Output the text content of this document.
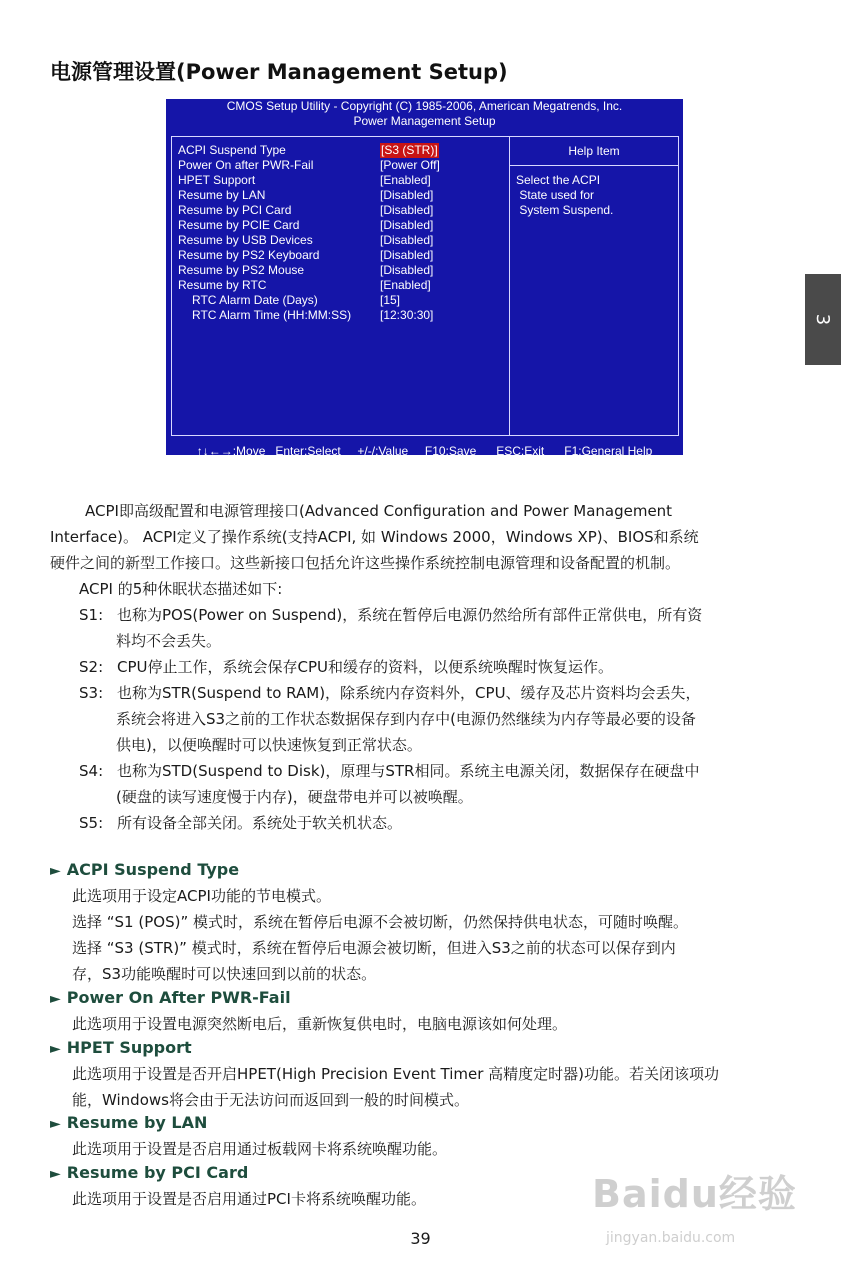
电源管理设置(Power Management Setup)
CMOS Setup Utility - Copyright (C) 1985-2006, American Megatrends, Inc.
Power Management Setup
Help Item
Select the ACPI
State used for
System Suspend.
ACPI Suspend Type	[S3 (STR)]
Power On after PWR-Fail	[Power Off]
HPET Support	[Enabled]
Resume by LAN	[Disabled]
Resume by PCI Card	[Disabled]
Resume by PCIE Card	[Disabled]
Resume by USB Devices	[Disabled]
Resume by PS2 Keyboard	[Disabled]
Resume by PS2 Mouse	[Disabled]
Resume by RTC	[Enabled]
RTC Alarm Date (Days)	[15]
RTC Alarm Time (HH:MM:SS) [12:30:30]
↑↓←→:Move   Enter:Select     +/-/:Value     F10:Save      ESC:Exit      F1:General Help
F9:Optimized Defaults
3
ACPI即高级配置和电源管理接口(Advanced Configuration and Power Management
Interface)。 ACPI定义了操作系统(支持ACPI, 如 Windows 2000，Windows XP)、BIOS和系统
硬件之间的新型工作接口。这些新接口包括允许这些操作系统控制电源管理和设备配置的机制。
ACPI 的5种休眠状态描述如下:
S1: 也称为POS(Power on Suspend)，系统在暂停后电源仍然给所有部件正常供电，所有资
料均不会丢失。
S2: CPU停止工作，系统会保存CPU和缓存的资料，以便系统唤醒时恢复运作。
S3: 也称为STR(Suspend to RAM)，除系统内存资料外，CPU、缓存及芯片资料均会丢失，
系统会将进入S3之前的工作状态数据保存到内存中(电源仍然继续为内存等最必要的设备
供电)，以便唤醒时可以快速恢复到正常状态。
S4: 也称为STD(Suspend to Disk)，原理与STR相同。系统主电源关闭，数据保存在硬盘中
(硬盘的读写速度慢于内存)，硬盘带电并可以被唤醒。
S5: 所有设备全部关闭。系统处于软关机状态。
► ACPI Suspend Type
此选项用于设定ACPI功能的节电模式。
选择 “S1 (POS)” 模式时，系统在暂停后电源不会被切断，仍然保持供电状态，可随时唤醒。
选择 “S3 (STR)” 模式时，系统在暂停后电源会被切断，但进入S3之前的状态可以保存到内
存，S3功能唤醒时可以快速回到以前的状态。
► Power On After PWR-Fail
此选项用于设置电源突然断电后，重新恢复供电时，电脑电源该如何处理。
► HPET Support
此选项用于设置是否开启HPET(High Precision Event Timer 高精度定时器)功能。若关闭该项功
能，Windows将会由于无法访问而返回到一般的时间模式。
► Resume by LAN
此选项用于设置是否启用通过板载网卡将系统唤醒功能。
► Resume by PCI Card
此选项用于设置是否启用通过PCI卡将系统唤醒功能。
39
Baidu经验
jingyan.baidu.com
